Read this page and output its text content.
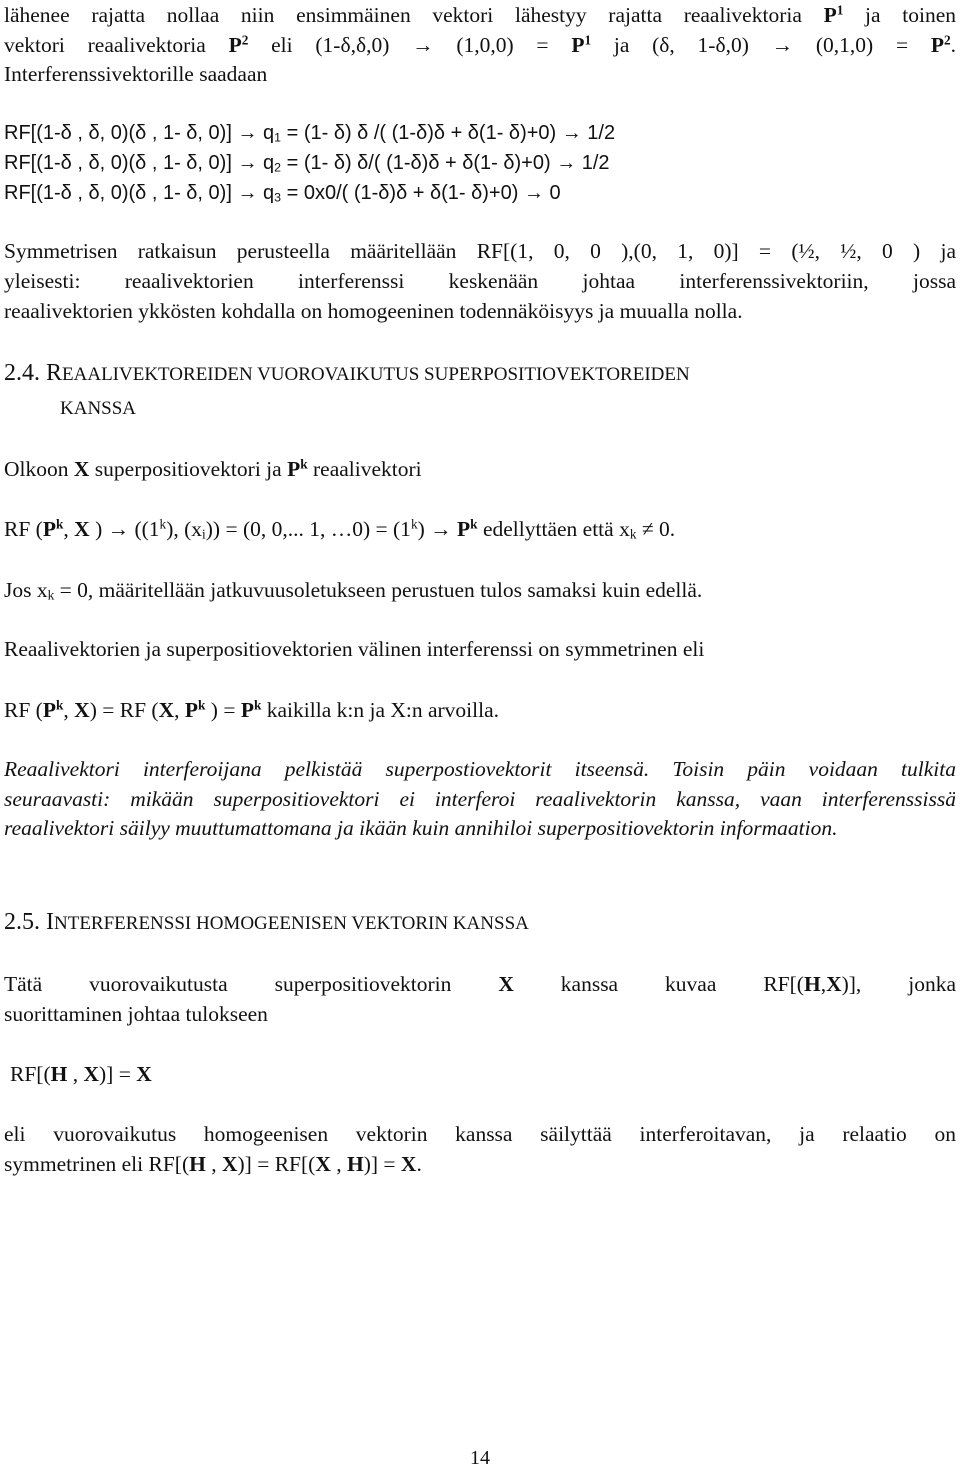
lähenee rajatta nollaa niin ensimmäinen vektori lähestyy rajatta reaalivektoria $P^1$ ja toinen
vektori reaalivektoria $P^2$ eli $(1-\delta,\delta,0) \to (1,0,0) = P^1$ ja (δ, $1-\delta,0) \to (0,1,0) = P^2$.
Interferenssivektorille saadaan
RF[(1-δ , δ, 0)(δ , 1- δ, $0)] \to q_1 = (1-$ δ) δ /( (1-δ)δ + δ(1- δ)+0) → 1/2
RF[(1-δ , δ, 0)(δ , 1- δ, $0)] \to q_2 = (1-$ δ) δ/( (1-δ)δ + δ(1- δ)+0) → 1/2
RF[(1-δ , δ, 0)(δ , 1- δ, $0)] \to q_3 = 0x0/$( (1-δ)δ + δ(1- δ)+0) → 0
Symmetrisen ratkaisun perusteella määritellään RF[(1, 0, 0 ),(0, 1, 0)] = (½, ½, 0 ) ja
yleisesti: reaalivektorien interferenssi keskenään johtaa interferenssivektoriin, jossa
reaalivektorien ykkösten kohdalla on homogeeninen todennäköisyys ja muualla nolla.
2.4. REAALIVEKTOREIDEN VUOROVAIKUTUS SUPERPOSITIOVEKTOREIDEN
KANSSA
Olkoon X superpositiovektori ja $P^k$ reaalivektori
RF ($P^k$, X ) → ($(1^k)$, $(x_i)) = (0$, 0,... 1, …0) = $(1^k) \to P^k$ edellyttäen että $x_k \ne 0$.
Jos $x_k = 0$, määritellään jatkuvuusoletukseen perustuen tulos samaksi kuin edellä.
Reaalivektorien ja superpositiovektorien välinen interferenssi on symmetrinen eli
RF ($P^k$, X) = RF (X, $P^k$ ) = $P^k$ kaikilla k:n ja X:n arvoilla.
Reaalivektori interferoijana pelkistää superpostiovektorit itseensä. Toisin päin voidaan tulkita
seuraavasti: mikään superpositiovektori ei interferoi reaalivektorin kanssa, vaan interferenssissä
reaalivektori säilyy muuttumattomana ja ikään kuin annihiloi superpositiovektorin informaation.
2.5. INTERFERENSSI HOMOGEENISEN VEKTORIN KANSSA
Tätä vuorovaikutusta superpositiovektorin X kanssa kuvaa RF[(H,X)], jonka
suorittaminen johtaa tulokseen
RF[(H , X)] = X
eli vuorovaikutus homogeenisen vektorin kanssa säilyttää interferoitavan, ja relaatio on
symmetrinen eli RF[(H , X)] = RF[(X , H)] = X.
14
